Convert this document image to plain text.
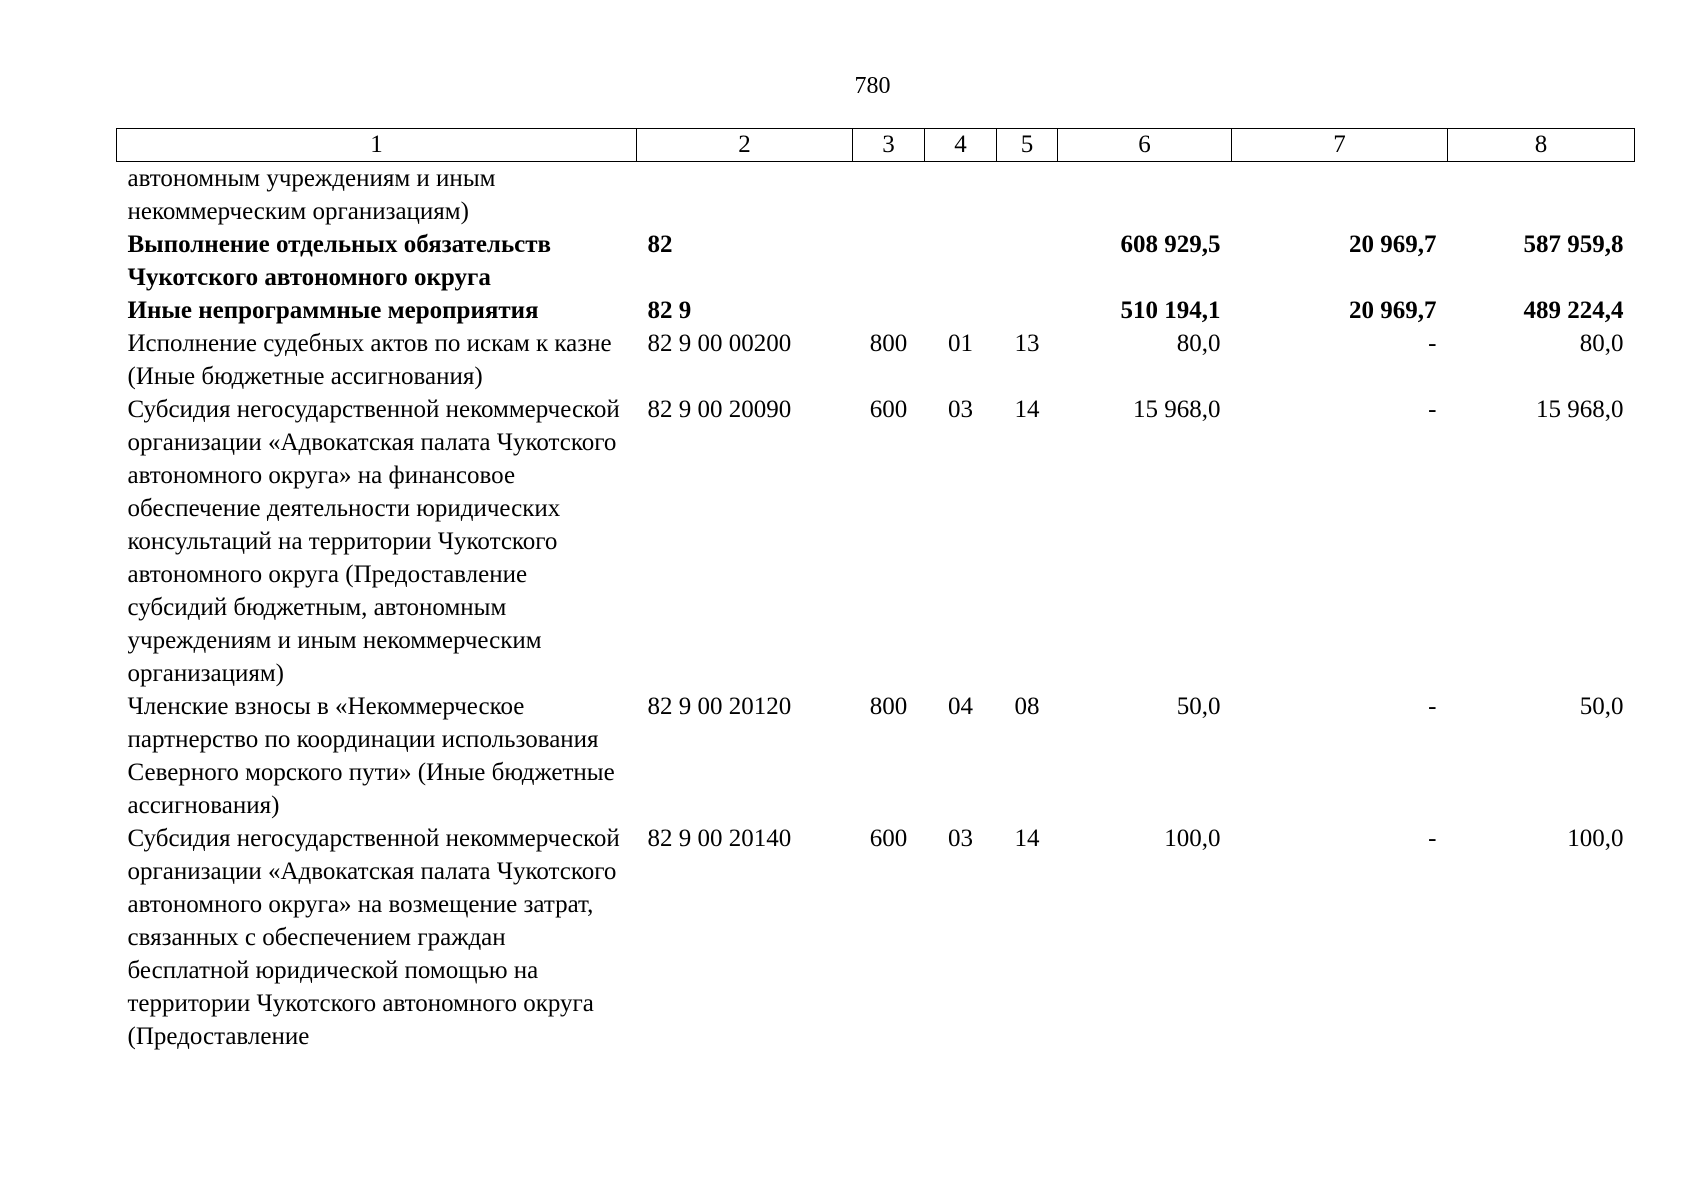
780
1	2	3	4	5	6	7	8
автономным учреждениям и иным некоммерческим организациям)							
Выполнение отдельных обязательств Чукотского автономного округа	82				608 929,5	20 969,7	587 959,8
Иные непрограммные мероприятия	82 9				510 194,1	20 969,7	489 224,4
Исполнение судебных актов по искам к казне (Иные бюджетные ассигнования)	82 9 00 00200	800	01	13	80,0	-	80,0
Субсидия негосударственной некоммерческой организации «Адвокатская палата Чукотского автономного округа» на финансовое обеспечение деятельности юридических консультаций на территории Чукотского автономного округа (Предоставление субсидий бюджетным, автономным учреждениям и иным некоммерческим организациям)	82 9 00 20090	600	03	14	15 968,0	-	15 968,0
Членские взносы в «Некоммерческое партнерство по координации использования Северного морского пути» (Иные бюджетные ассигнования)	82 9 00 20120	800	04	08	50,0	-	50,0
Субсидия негосударственной некоммерческой организации «Адвокатская палата Чукотского автономного округа» на возмещение затрат, связанных с обеспечением граждан бесплатной юридической помощью на территории Чукотского автономного округа (Предоставление	82 9 00 20140	600	03	14	100,0	-	100,0
